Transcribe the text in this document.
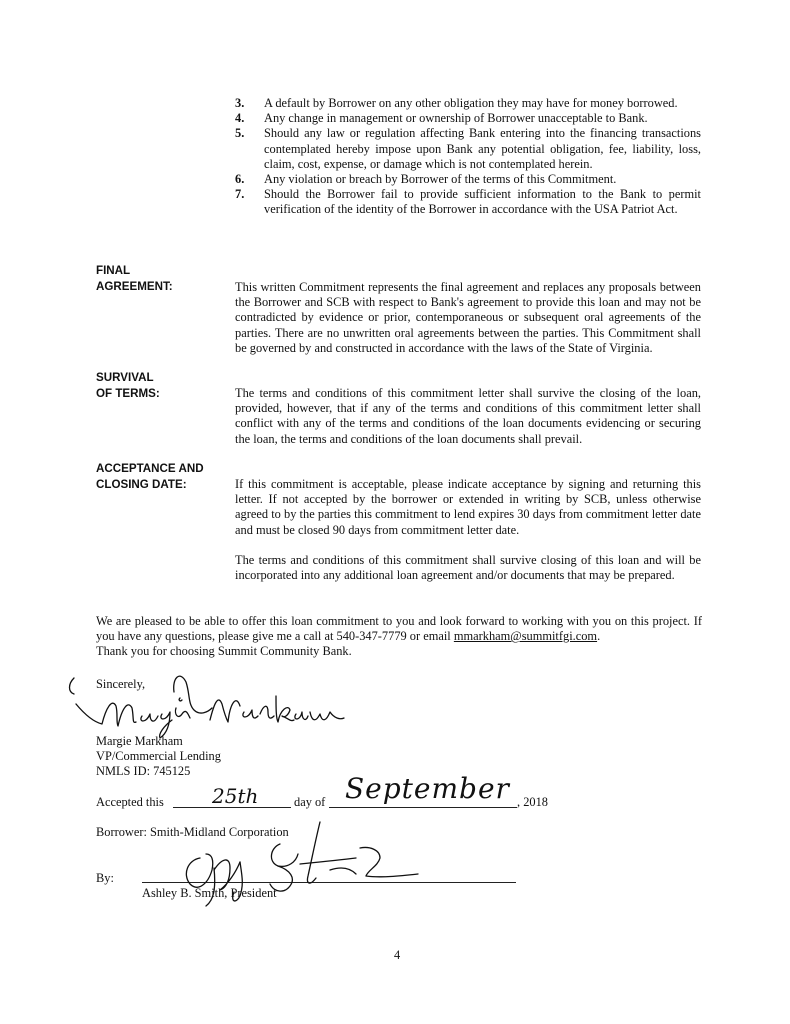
3.	A default by Borrower on any other obligation they may have for money borrowed.
4.	Any change in management or ownership of Borrower unacceptable to Bank.
5.	Should any law or regulation affecting Bank entering into the financing transactions contemplated hereby impose upon Bank any potential obligation, fee, liability, loss, claim, cost, expense, or damage which is not contemplated herein.
6.	Any violation or breach by Borrower of the terms of this Commitment.
7.	Should the Borrower fail to provide sufficient information to the Bank to permit verification of the identity of the Borrower in accordance with the USA Patriot Act.
FINAL
AGREEMENT:	This written Commitment represents the final agreement and replaces any proposals between the Borrower and SCB with respect to Bank's agreement to provide this loan and may not be contradicted by evidence or prior, contemporaneous or subsequent oral agreements of the parties. There are no unwritten oral agreements between the parties. This Commitment shall be governed by and constructed in accordance with the laws of the State of Virginia.
SURVIVAL
OF TERMS:	The terms and conditions of this commitment letter shall survive the closing of the loan, provided, however, that if any of the terms and conditions of this commitment letter shall conflict with any of the terms and conditions of the loan documents evidencing or securing the loan, the terms and conditions of the loan documents shall prevail.
ACCEPTANCE AND
CLOSING DATE:	If this commitment is acceptable, please indicate acceptance by signing and returning this letter. If not accepted by the borrower or extended in writing by SCB, unless otherwise agreed to by the parties this commitment to lend expires 30 days from commitment letter date and must be closed 90 days from commitment letter date.
The terms and conditions of this commitment shall survive closing of this loan and will be incorporated into any additional loan agreement and/or documents that may be prepared.
We are pleased to be able to offer this loan commitment to you and look forward to working with you on this project. If you have any questions, please give me a call at 540-347-7779 or email mmarkham@summitfgi.com.
Thank you for choosing Summit Community Bank.
Sincerely,
Margie Markham
VP/Commercial Lending
NMLS ID: 745125
Accepted this 25th	day of September , 2018
Borrower: Smith-Midland Corporation
By:
Ashley B. Smith, President
4
